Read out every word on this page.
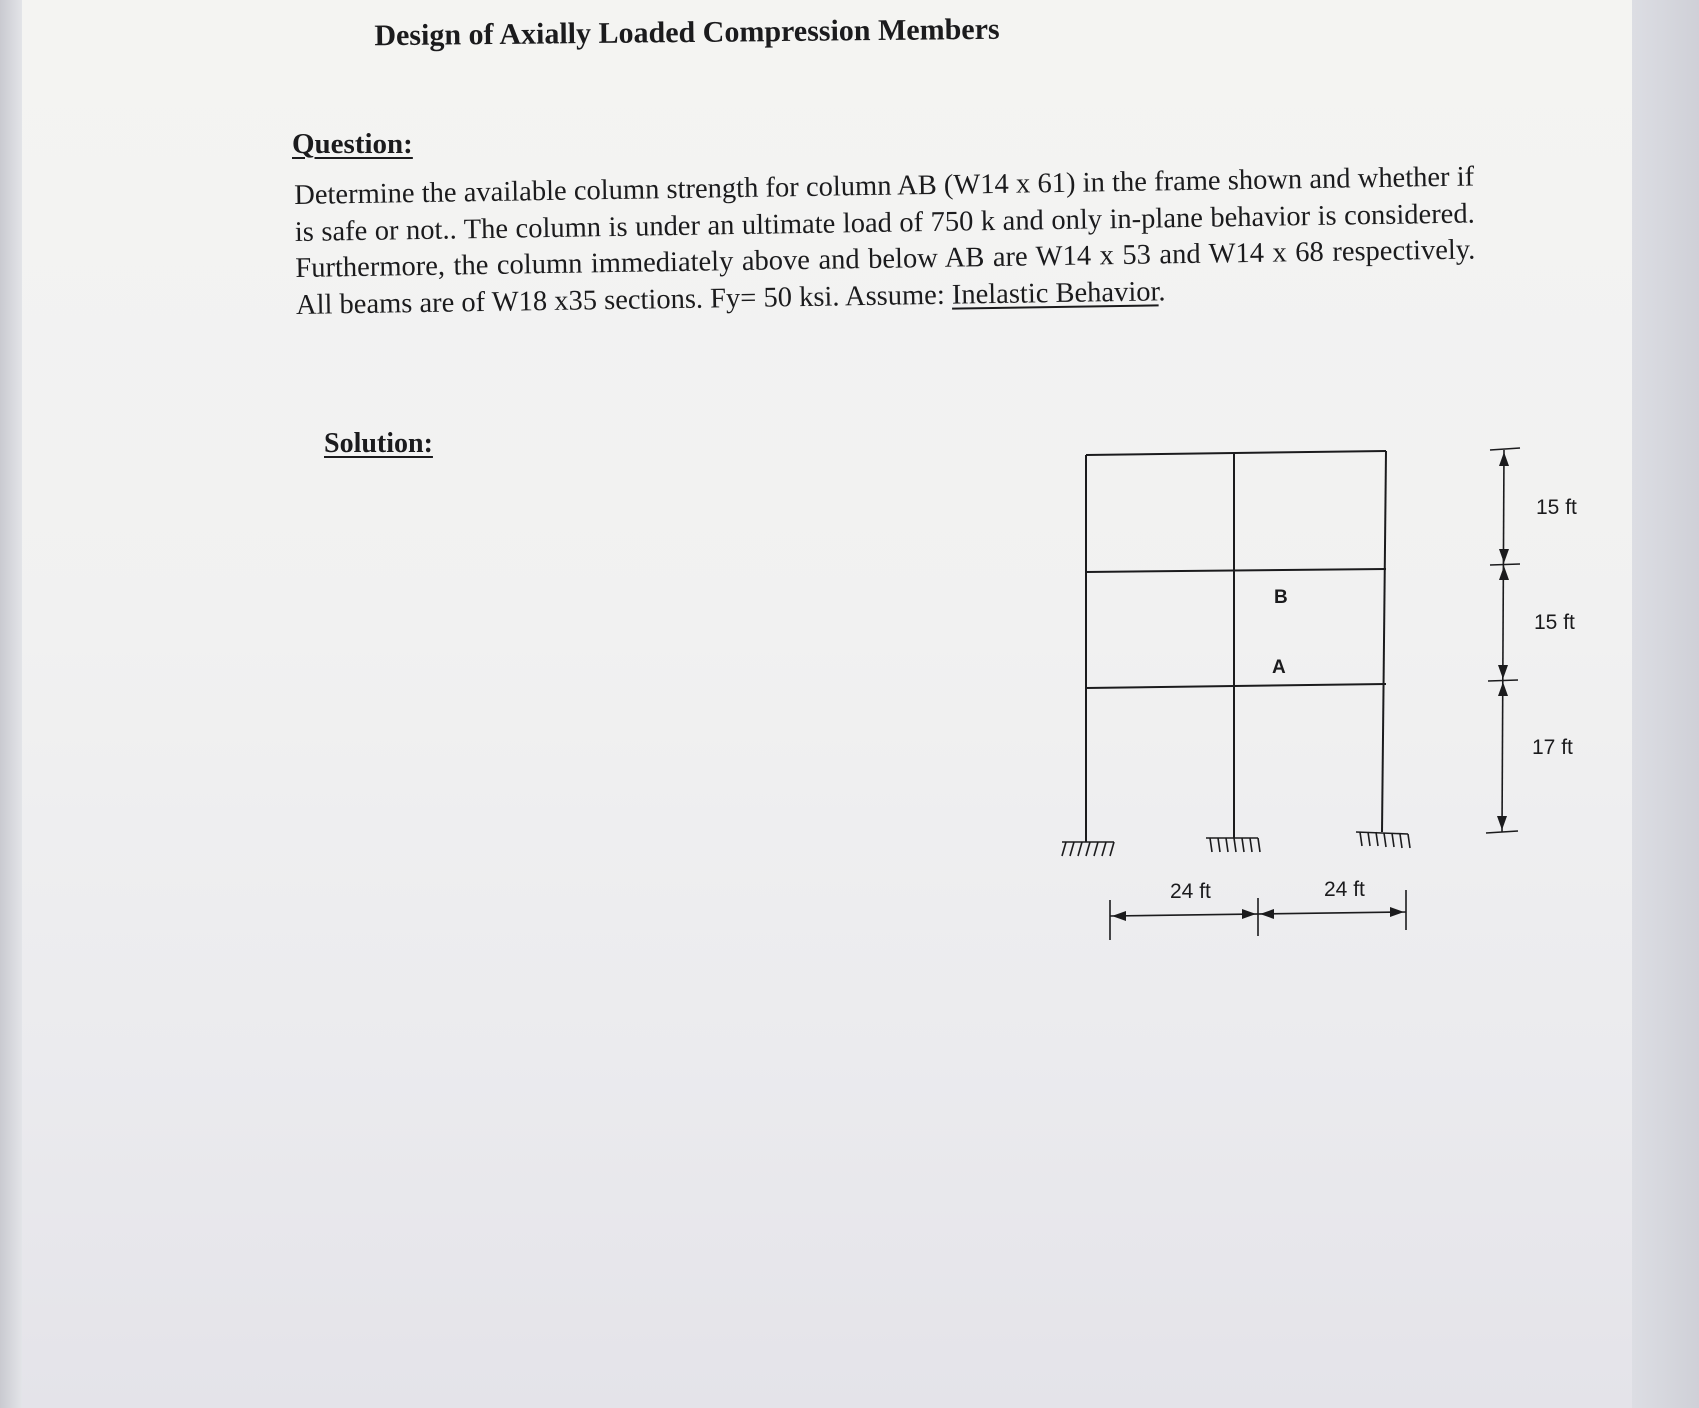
Design of Axially Loaded Compression Members
Question:
Determine the available column strength for column AB (W14 x 61) in the frame shown and whether if is safe or not.. The column is under an ultimate load of 750 k and only in-plane behavior is considered. Furthermore, the column immediately above and below AB are W14 x 53 and W14 x 68 respectively. All beams are of W18 x35 sections. Fy= 50 ksi. Assume: Inelastic Behavior.
Solution:
B
A
15 ft
15 ft
17 ft
24 ft	24 ft
